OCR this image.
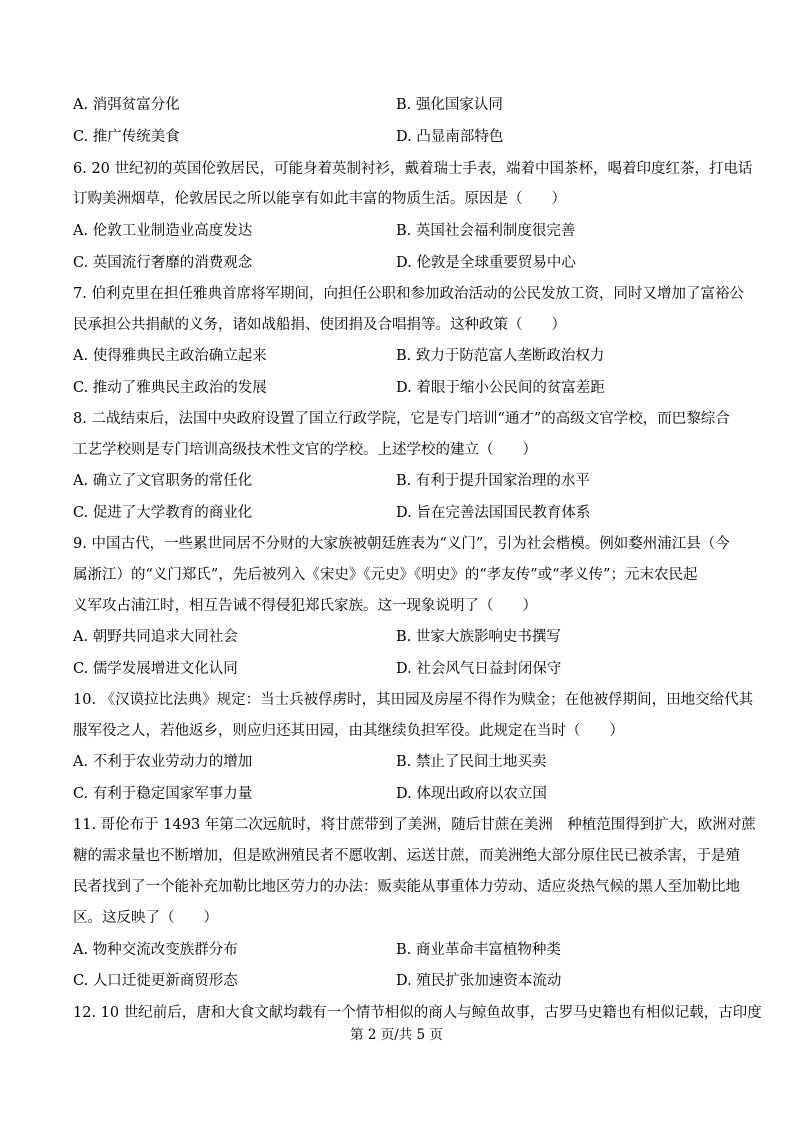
A. 消弭贫富分化	B. 强化国家认同
C. 推广传统美食	D. 凸显南部特色
6. 20 世纪初的英国伦敦居民，可能身着英制衬衫，戴着瑞士手表，端着中国茶杯，喝着印度红茶，打电话
订购美洲烟草，伦敦居民之所以能享有如此丰富的物质生活。原因是（　　）
A. 伦敦工业制造业高度发达	B. 英国社会福利制度很完善
C. 英国流行奢靡的消费观念	D. 伦敦是全球重要贸易中心
7. 伯利克里在担任雅典首席将军期间，向担任公职和参加政治活动的公民发放工资，同时又增加了富裕公
民承担公共捐献的义务，诸如战船捐、使团捐及合唱捐等。这种政策（　　）
A. 使得雅典民主政治确立起来	B. 致力于防范富人垄断政治权力
C. 推动了雅典民主政治的发展	D. 着眼于缩小公民间的贫富差距
8. 二战结束后，法国中央政府设置了国立行政学院，它是专门培训“通才”的高级文官学校，而巴黎综合
工艺学校则是专门培训高级技术性文官的学校。上述学校的建立（　　）
A. 确立了文官职务的常任化	B. 有利于提升国家治理的水平
C. 促进了大学教育的商业化	D. 旨在完善法国国民教育体系
9. 中国古代，一些累世同居不分财的大家族被朝廷旌表为“义门”，引为社会楷模。例如婺州浦江县（今
属浙江）的“义门郑氏”，先后被列入《宋史》《元史》《明史》的“孝友传”或“孝义传”；元末农民起
义军攻占浦江时，相互告诫不得侵犯郑氏家族。这一现象说明了（　　）
A. 朝野共同追求大同社会	B. 世家大族影响史书撰写
C. 儒学发展增进文化认同	D. 社会风气日益封闭保守
10. 《汉谟拉比法典》规定：当士兵被俘虏时，其田园及房屋不得作为赎金；在他被俘期间，田地交给代其
服军役之人，若他返乡，则应归还其田园，由其继续负担军役。此规定在当时（　　）
A. 不利于农业劳动力的增加	B. 禁止了民间土地买卖
C. 有利于稳定国家军事力量	D. 体现出政府以农立国
11. 哥伦布于 1493 年第二次远航时，将甘蔗带到了美洲，随后甘蔗在美洲　种植范围得到扩大，欧洲对蔗
糖的需求量也不断增加，但是欧洲殖民者不愿收割、运送甘蔗，而美洲绝大部分原住民已被杀害，于是殖
民者找到了一个能补充加勒比地区劳力的办法：贩卖能从事重体力劳动、适应炎热气候的黑人至加勒比地
区。这反映了（　　）
A. 物种交流改变族群分布	B. 商业革命丰富植物种类
C. 人口迁徙更新商贸形态	D. 殖民扩张加速资本流动
12. 10 世纪前后，唐和大食文献均载有一个情节相似的商人与鲸鱼故事，古罗马史籍也有相似记载，古印度
第 2 页/共 5 页
